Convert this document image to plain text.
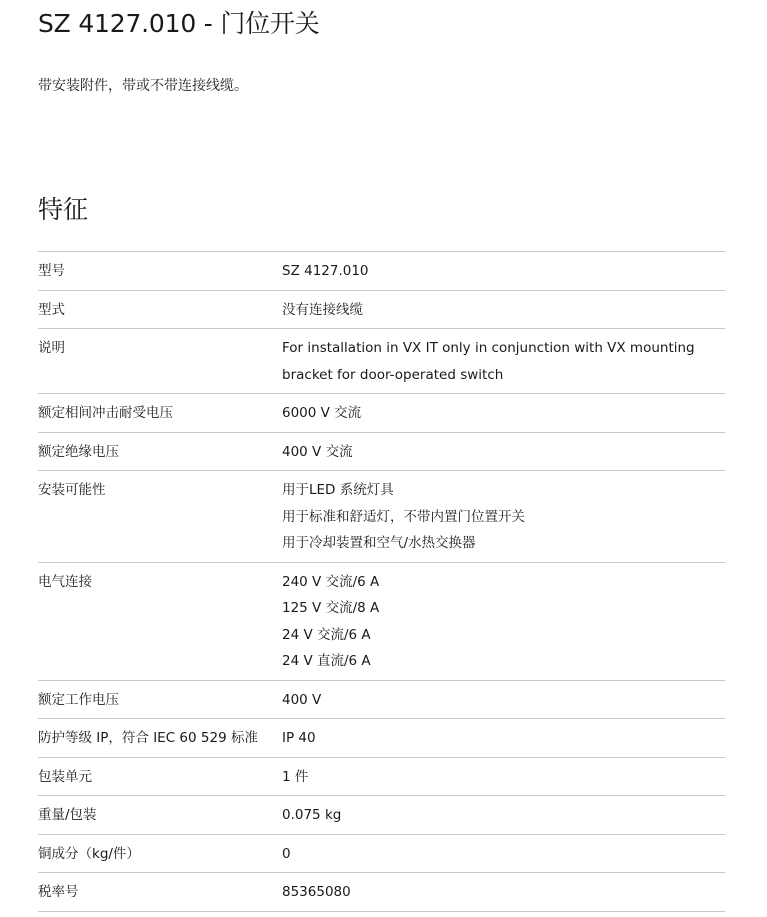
SZ 4127.010 - 门位开关

带安装附件，带或不带连接线缆。

特征
型号	SZ 4127.010
型式	没有连接线缆
说明	For installation in VX IT only in conjunction with VX mounting
bracket for door-operated switch
额定相间冲击耐受电压	6000 V 交流
额定绝缘电压	400 V 交流
安装可能性	用于LED 系统灯具
用于标准和舒适灯，不带内置门位置开关
用于冷却装置和空气/水热交换器
电气连接	240 V 交流/6 A
125 V 交流/8 A
24 V 交流/6 A
24 V 直流/6 A
额定工作电压	400 V
防护等级 IP，符合 IEC 60 529 标准	IP 40
包装单元	1 件
重量/包装	0.075 kg
铜成分（kg/件）	0
税率号	85365080
